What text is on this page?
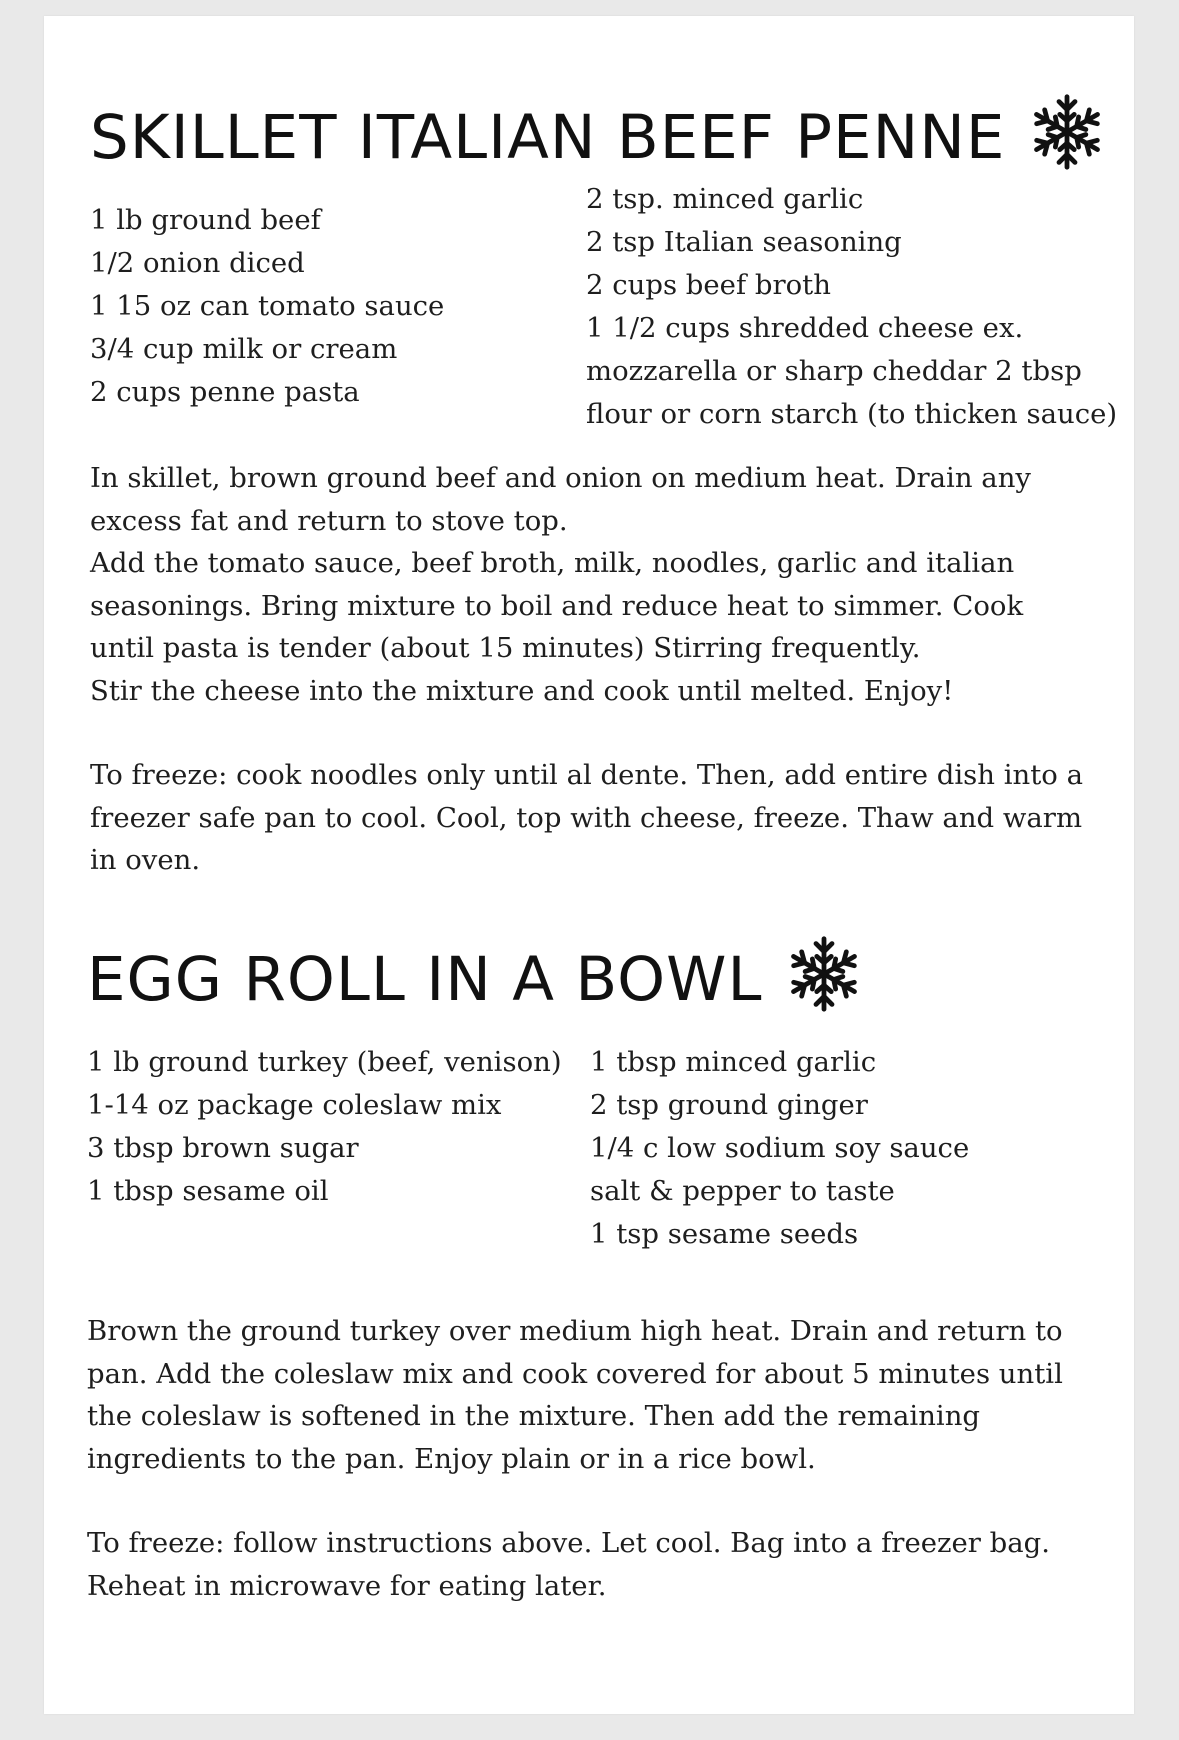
SKILLET ITALIAN BEEF PENNE
1 lb ground beef
1/2 onion diced
1 15 oz can tomato sauce
3/4 cup milk or cream
2 cups penne pasta
2 tsp. minced garlic
2 tsp Italian seasoning
2 cups beef broth
1 1/2 cups shredded cheese ex.
mozzarella or sharp cheddar 2 tbsp
flour or corn starch (to thicken sauce)

In skillet, brown ground beef and onion on medium heat. Drain any excess fat and return to stove top.

Add the tomato sauce, beef broth, milk, noodles, garlic and italian seasonings. Bring mixture to boil and reduce heat to simmer. Cook until pasta is tender (about 15 minutes) Stirring frequently.

Stir the cheese into the mixture and cook until melted. Enjoy!

To freeze: cook noodles only until al dente. Then, add entire dish into a freezer safe pan to cool. Cool, top with cheese, freeze. Thaw and warm in oven.

EGG ROLL IN A BOWL
1 lb ground turkey (beef, venison)
1-14 oz package coleslaw mix
3 tbsp brown sugar
1 tbsp sesame oil
1 tbsp minced garlic
2 tsp ground ginger
1/4 c low sodium soy sauce
salt & pepper to taste
1 tsp sesame seeds

Brown the ground turkey over medium high heat. Drain and return to pan. Add the coleslaw mix and cook covered for about 5 minutes until the coleslaw is softened in the mixture. Then add the remaining ingredients to the pan. Enjoy plain or in a rice bowl.

To freeze: follow instructions above. Let cool. Bag into a freezer bag. Reheat in microwave for eating later.
